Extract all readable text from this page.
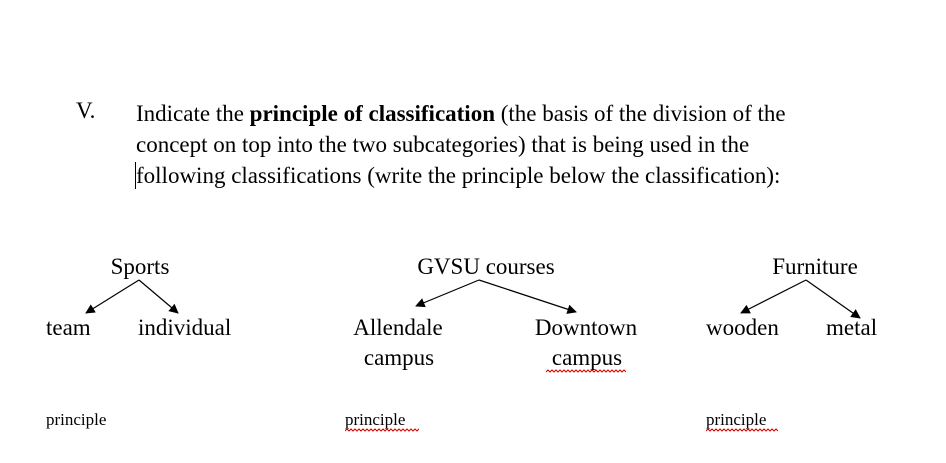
V. Indicate the principle of classification (the basis of the division of the
concept on top into the two subcategories) that is being used in the
following classifications (write the principle below the classification):
Sports
team individual
principle
GVSU courses
Allendale
campus
Downtown
campus
principle
Furniture
wooden metal
principle
